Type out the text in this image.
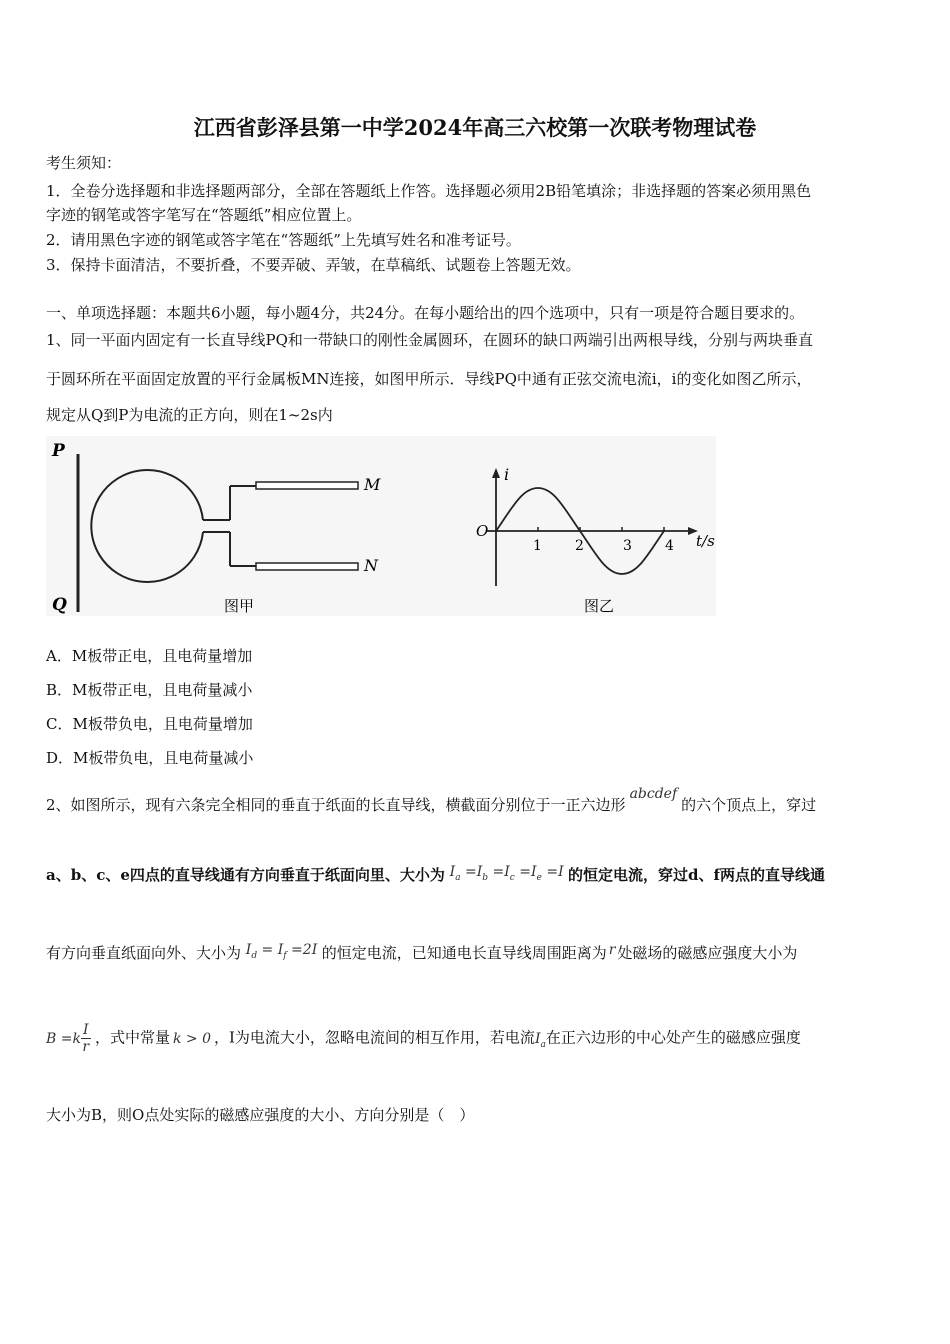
江西省彭泽县第一中学2024年高三六校第一次联考物理试卷
考生须知：
1．全卷分选择题和非选择题两部分，全部在答题纸上作答。选择题必须用2B铅笔填涂；非选择题的答案必须用黑色
字迹的钢笔或答字笔写在“答题纸”相应位置上。
2．请用黑色字迹的钢笔或答字笔在“答题纸”上先填写姓名和准考证号。
3．保持卡面清洁，不要折叠，不要弄破、弄皱，在草稿纸、试题卷上答题无效。
一、单项选择题：本题共6小题，每小题4分，共24分。在每小题给出的四个选项中，只有一项是符合题目要求的。
1、同一平面内固定有一长直导线PQ和一带缺口的刚性金属圆环，在圆环的缺口两端引出两根导线，分别与两块垂直
于圆环所在平面固定放置的平行金属板MN连接，如图甲所示．导线PQ中通有正弦交流电流i，i的变化如图乙所示，
规定从Q到P为电流的正方向，则在1~2s内
P
Q
M
N
图甲
i
t/s
O
1 2	3 4
图乙
A．M板带正电，且电荷量增加
B．M板带正电，且电荷量减小
C．M板带负电，且电荷量增加
D．M板带负电，且电荷量减小
2、如图所示，现有六条完全相同的垂直于纸面的长直导线，横截面分别位于一正六边形abcdef的六个顶点上，穿过
a、b、c、e四点的直导线通有方向垂直于纸面向里、大小为 $I_a =I_b =I_c =I_e =I$ 的恒定电流，穿过d、f两点的直导线通
有方向垂直纸面向外、大小为 $I_d = I_f =2I$ 的恒定电流，已知通电长直导线周围距离为 r 处磁场的磁感应强度大小为
$B =k \frac{I}{r}$ ，式中常量 k > 0 ，I为电流大小，忽略电流间的相互作用，若电流$I_a$在正六边形的中心处产生的磁感应强度
大小为B，则O点处实际的磁感应强度的大小、方向分别是（　）
